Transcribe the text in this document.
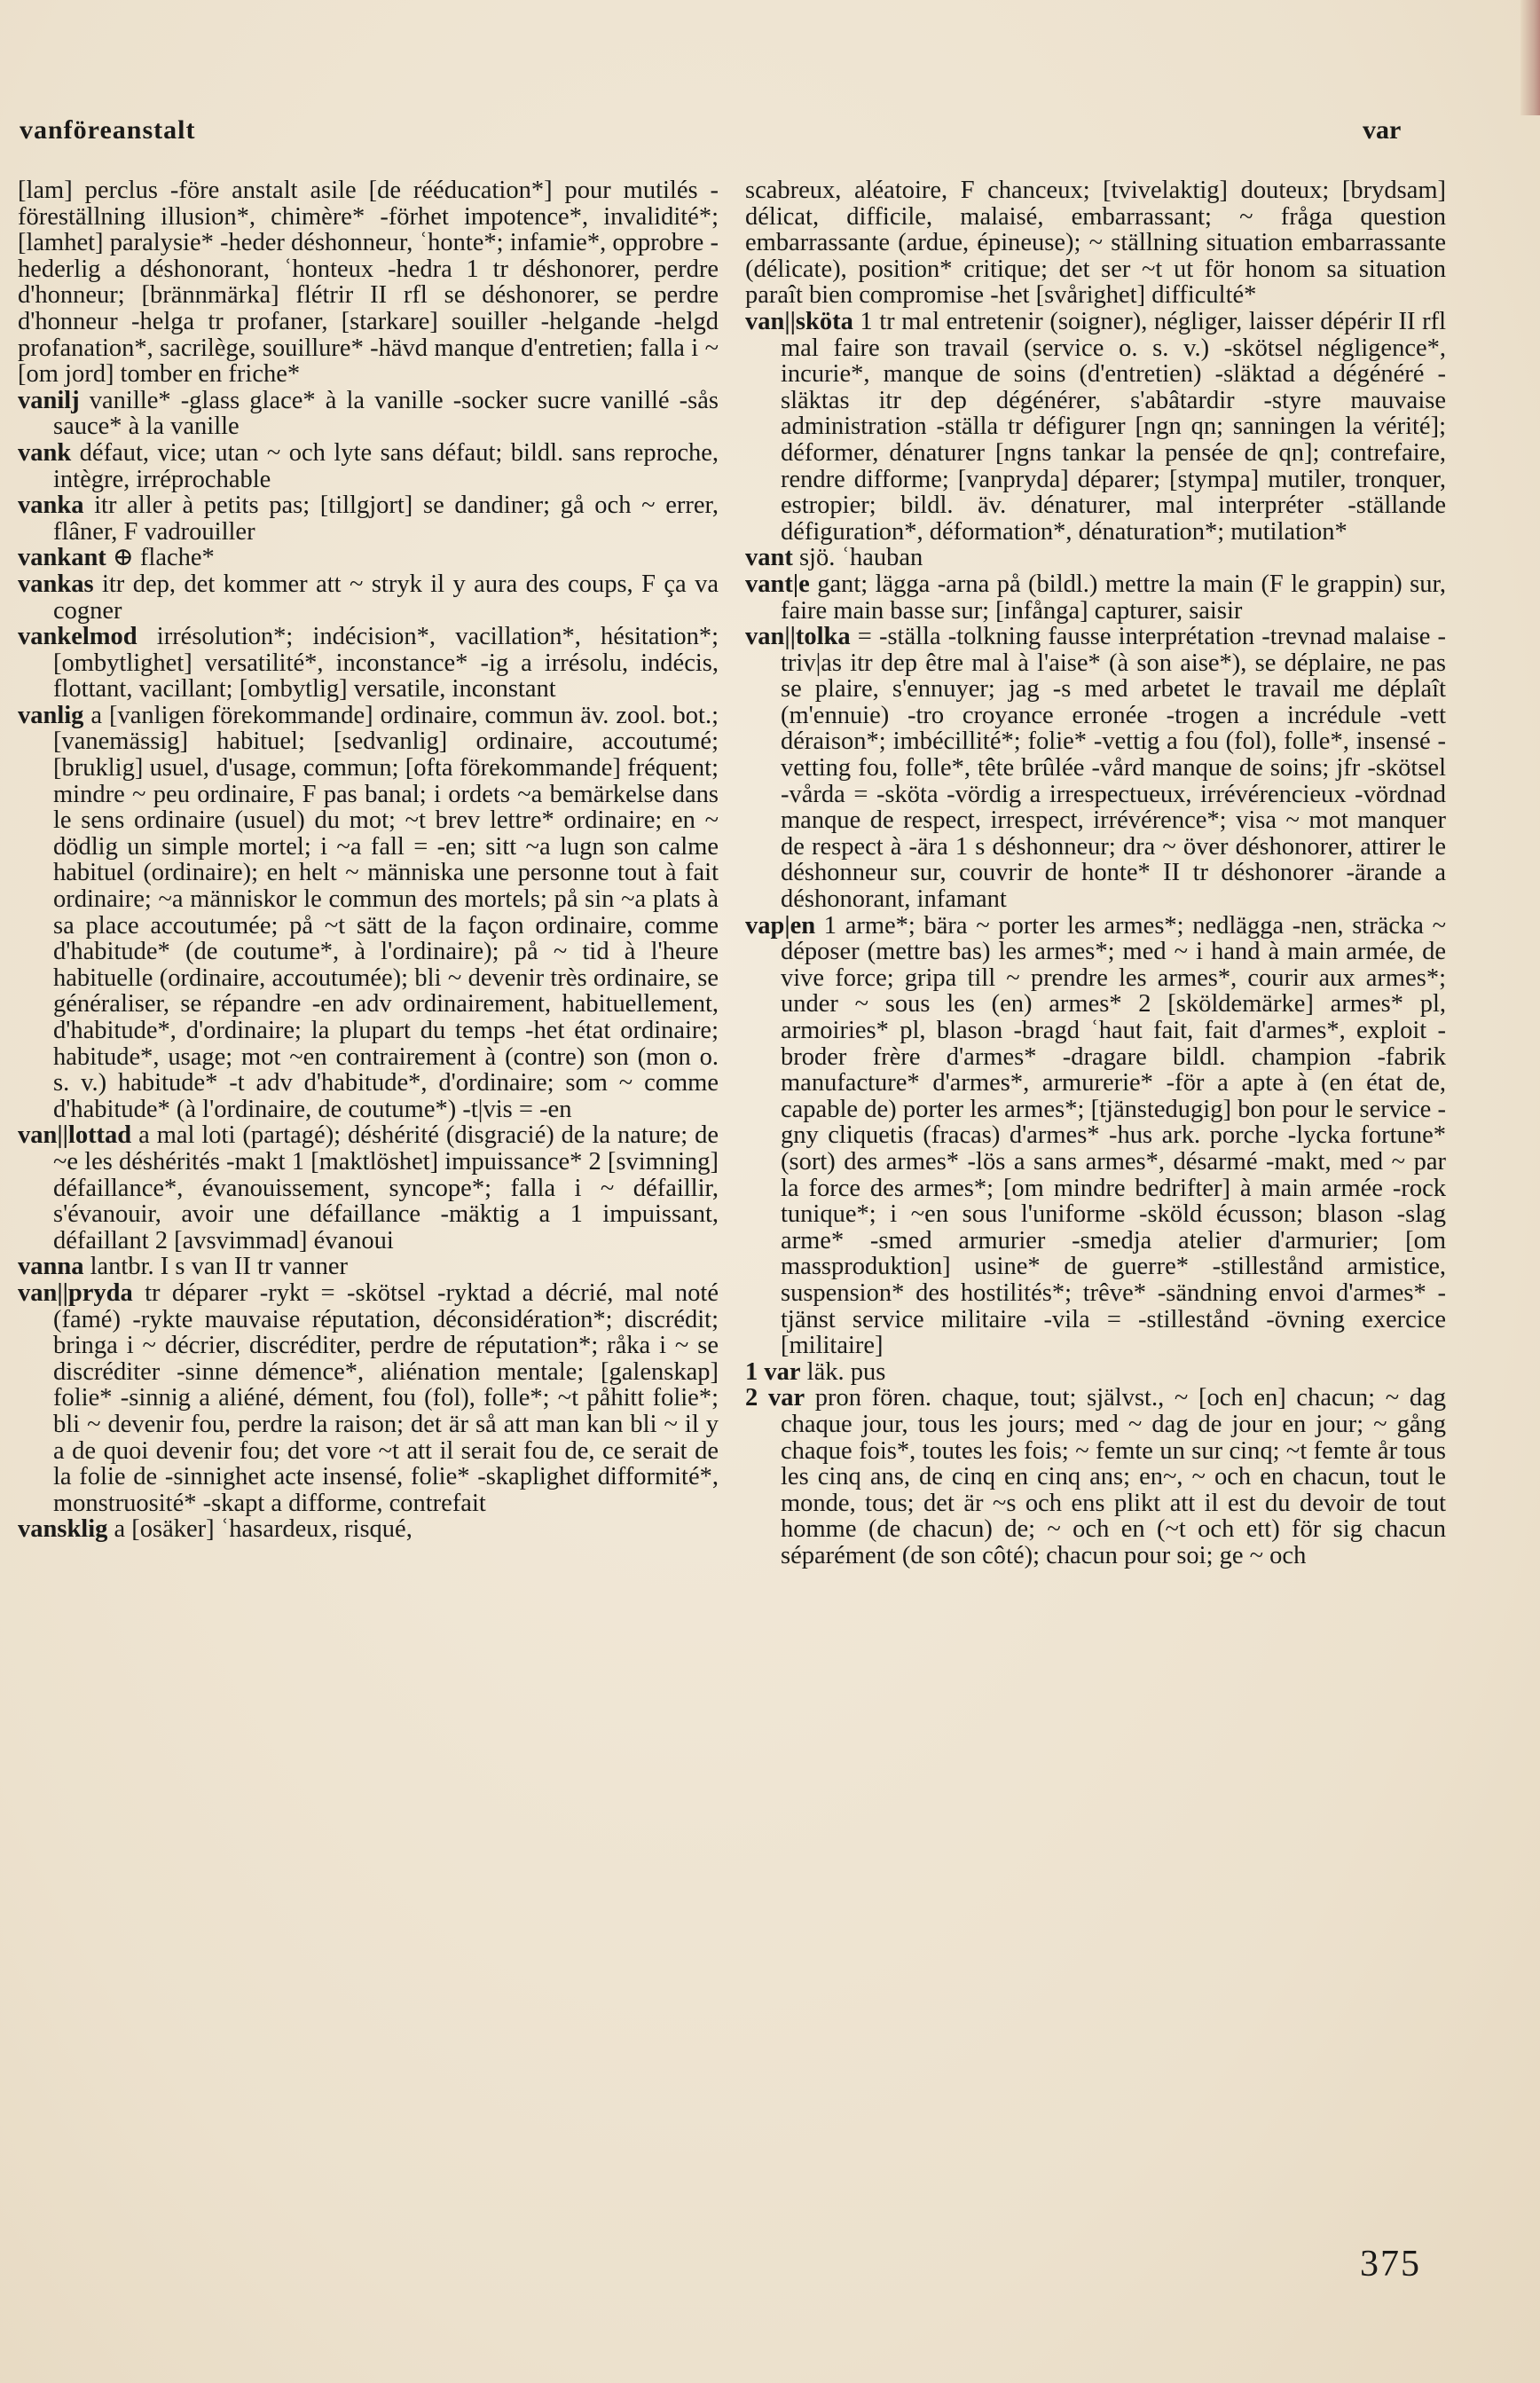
vanföreanstalt	var

[lam] perclus -före anstalt asile [de rééducation*] pour mutilés -föreställning illusion*, chimère* -förhet impotence*, invalidité*; [lamhet] paralysie* -heder déshonneur, ʿhonte*; infamie*, opprobre -hederlig a déshonorant, ʿhonteux -hedra 1 tr déshonorer, perdre d'honneur; [brännmärka] flétrir II rfl se déshonorer, se perdre d'honneur -helga tr profaner, [starkare] souiller -helgande -helgd profanation*, sacrilège, souillure* -hävd manque d'entretien; falla i ~ [om jord] tomber en friche*

vanilj vanille* -glass glace* à la vanille -socker sucre vanillé -sås sauce* à la vanille

vank défaut, vice; utan ~ och lyte sans défaut; bildl. sans reproche, intègre, irréprochable

vanka itr aller à petits pas; [tillgjort] se dandiner; gå och ~ errer, flâner, F vadrouiller

vankant ⊕ flache*

vankas itr dep, det kommer att ~ stryk il y aura des coups, F ça va cogner

vankelmod irrésolution*; indécision*, vacillation*, hésitation*; [ombytlighet] versatilité*, inconstance* -ig a irrésolu, indécis, flottant, vacillant; [ombytlig] versatile, inconstant

vanlig a [vanligen förekommande] ordinaire, commun äv. zool. bot.; [vanemässig] habituel; [sedvanlig] ordinaire, accoutumé; [bruklig] usuel, d'usage, commun; [ofta förekommande] fréquent; mindre ~ peu ordinaire, F pas banal; i ordets ~a bemärkelse dans le sens ordinaire (usuel) du mot; ~t brev lettre* ordinaire; en ~ dödlig un simple mortel; i ~a fall = -en; sitt ~a lugn son calme habituel (ordinaire); en helt ~ människa une personne tout à fait ordinaire; ~a människor le commun des mortels; på sin ~a plats à sa place accoutumée; på ~t sätt de la façon ordinaire, comme d'habitude* (de coutume*, à l'ordinaire); på ~ tid à l'heure habituelle (ordinaire, accoutumée); bli ~ devenir très ordinaire, se généraliser, se répandre -en adv ordinairement, habituellement, d'habitude*, d'ordinaire; la plupart du temps -het état ordinaire; habitude*, usage; mot ~en contrairement à (contre) son (mon o. s. v.) habitude* -t adv d'habitude*, d'ordinaire; som ~ comme d'habitude* (à l'ordinaire, de coutume*) -t|vis = -en

van||lottad a mal loti (partagé); déshérité (disgracié) de la nature; de ~e les déshérités -makt 1 [maktlöshet] impuissance* 2 [svimning] défaillance*, évanouissement, syncope*; falla i ~ défaillir, s'évanouir, avoir une défaillance -mäktig a 1 impuissant, défaillant 2 [avsvimmad] évanoui

vanna lantbr. I s van II tr vanner

van||pryda tr déparer -rykt = -skötsel -ryktad a décrié, mal noté (famé) -rykte mauvaise réputation, déconsidération*; discrédit; bringa i ~ décrier, discréditer, perdre de réputation*; råka i ~ se discréditer -sinne démence*, aliénation mentale; [galenskap] folie* -sinnig a aliéné, dément, fou (fol), folle*; ~t påhitt folie*; bli ~ devenir fou, perdre la raison; det är så att man kan bli ~ il y a de quoi devenir fou; det vore ~t att il serait fou de, ce serait de la folie de -sinnighet acte insensé, folie* -skaplighet difformité*, monstruosité* -skapt a difforme, contrefait

vansklig a [osäker] ʿhasardeux, risqué,

scabreux, aléatoire, F chanceux; [tvivelaktig] douteux; [brydsam] délicat, difficile, malaisé, embarrassant; ~ fråga question embarrassante (ardue, épineuse); ~ ställning situation embarrassante (délicate), position* critique; det ser ~t ut för honom sa situation paraît bien compromise -het [svårighet] difficulté*

van||sköta 1 tr mal entretenir (soigner), négliger, laisser dépérir II rfl mal faire son travail (service o. s. v.) -skötsel négligence*, incurie*, manque de soins (d'entretien) -släktad a dégénéré -släktas itr dep dégénérer, s'abâtardir -styre mauvaise administration -ställa tr défigurer [ngn qn; sanningen la vérité]; déformer, dénaturer [ngns tankar la pensée de qn]; contrefaire, rendre difforme; [vanpryda] déparer; [stympa] mutiler, tronquer, estropier; bildl. äv. dénaturer, mal interpréter -ställande défiguration*, déformation*, dénaturation*; mutilation*

vant sjö. ʿhauban

vant|e gant; lägga -arna på (bildl.) mettre la main (F le grappin) sur, faire main basse sur; [infånga] capturer, saisir

van||tolka = -ställa -tolkning fausse interprétation -trevnad malaise -triv|as itr dep être mal à l'aise* (à son aise*), se déplaire, ne pas se plaire, s'ennuyer; jag -s med arbetet le travail me déplaît (m'ennuie) -tro croyance erronée -trogen a incrédule -vett déraison*; imbécillité*; folie* -vettig a fou (fol), folle*, insensé -vetting fou, folle*, tête brûlée -vård manque de soins; jfr -skötsel -vårda = -sköta -vördig a irrespectueux, irrévérencieux -vördnad manque de respect, irrespect, irrévérence*; visa ~ mot manquer de respect à -ära 1 s déshonneur; dra ~ över déshonorer, attirer le déshonneur sur, couvrir de honte* II tr déshonorer -ärande a déshonorant, infamant

vap|en 1 arme*; bära ~ porter les armes*; nedlägga -nen, sträcka ~ déposer (mettre bas) les armes*; med ~ i hand à main armée, de vive force; gripa till ~ prendre les armes*, courir aux armes*; under ~ sous les (en) armes* 2 [sköldemärke] armes* pl, armoiries* pl, blason -bragd ʿhaut fait, fait d'armes*, exploit -broder frère d'armes* -dragare bildl. champion -fabrik manufacture* d'armes*, armurerie* -för a apte à (en état de, capable de) porter les armes*; [tjänstedugig] bon pour le service -gny cliquetis (fracas) d'armes* -hus ark. porche -lycka fortune* (sort) des armes* -lös a sans armes*, désarmé -makt, med ~ par la force des armes*; [om mindre bedrifter] à main armée -rock tunique*; i ~en sous l'uniforme -sköld écusson; blason -slag arme* -smed armurier -smedja atelier d'armurier; [om massproduktion] usine* de guerre* -stillestånd armistice, suspension* des hostilités*; trêve* -sändning envoi d'armes* -tjänst service militaire -vila = -stillestånd -övning exercice [militaire]

1 var läk. pus

2 var pron fören. chaque, tout; självst., ~ [och en] chacun; ~ dag chaque jour, tous les jours; med ~ dag de jour en jour; ~ gång chaque fois*, toutes les fois; ~ femte un sur cinq; ~t femte år tous les cinq ans, de cinq en cinq ans; en~, ~ och en chacun, tout le monde, tous; det är ~s och ens plikt att il est du devoir de tout homme (de chacun) de; ~ och en (~t och ett) för sig chacun séparément (de son côté); chacun pour soi; ge ~ och

375
